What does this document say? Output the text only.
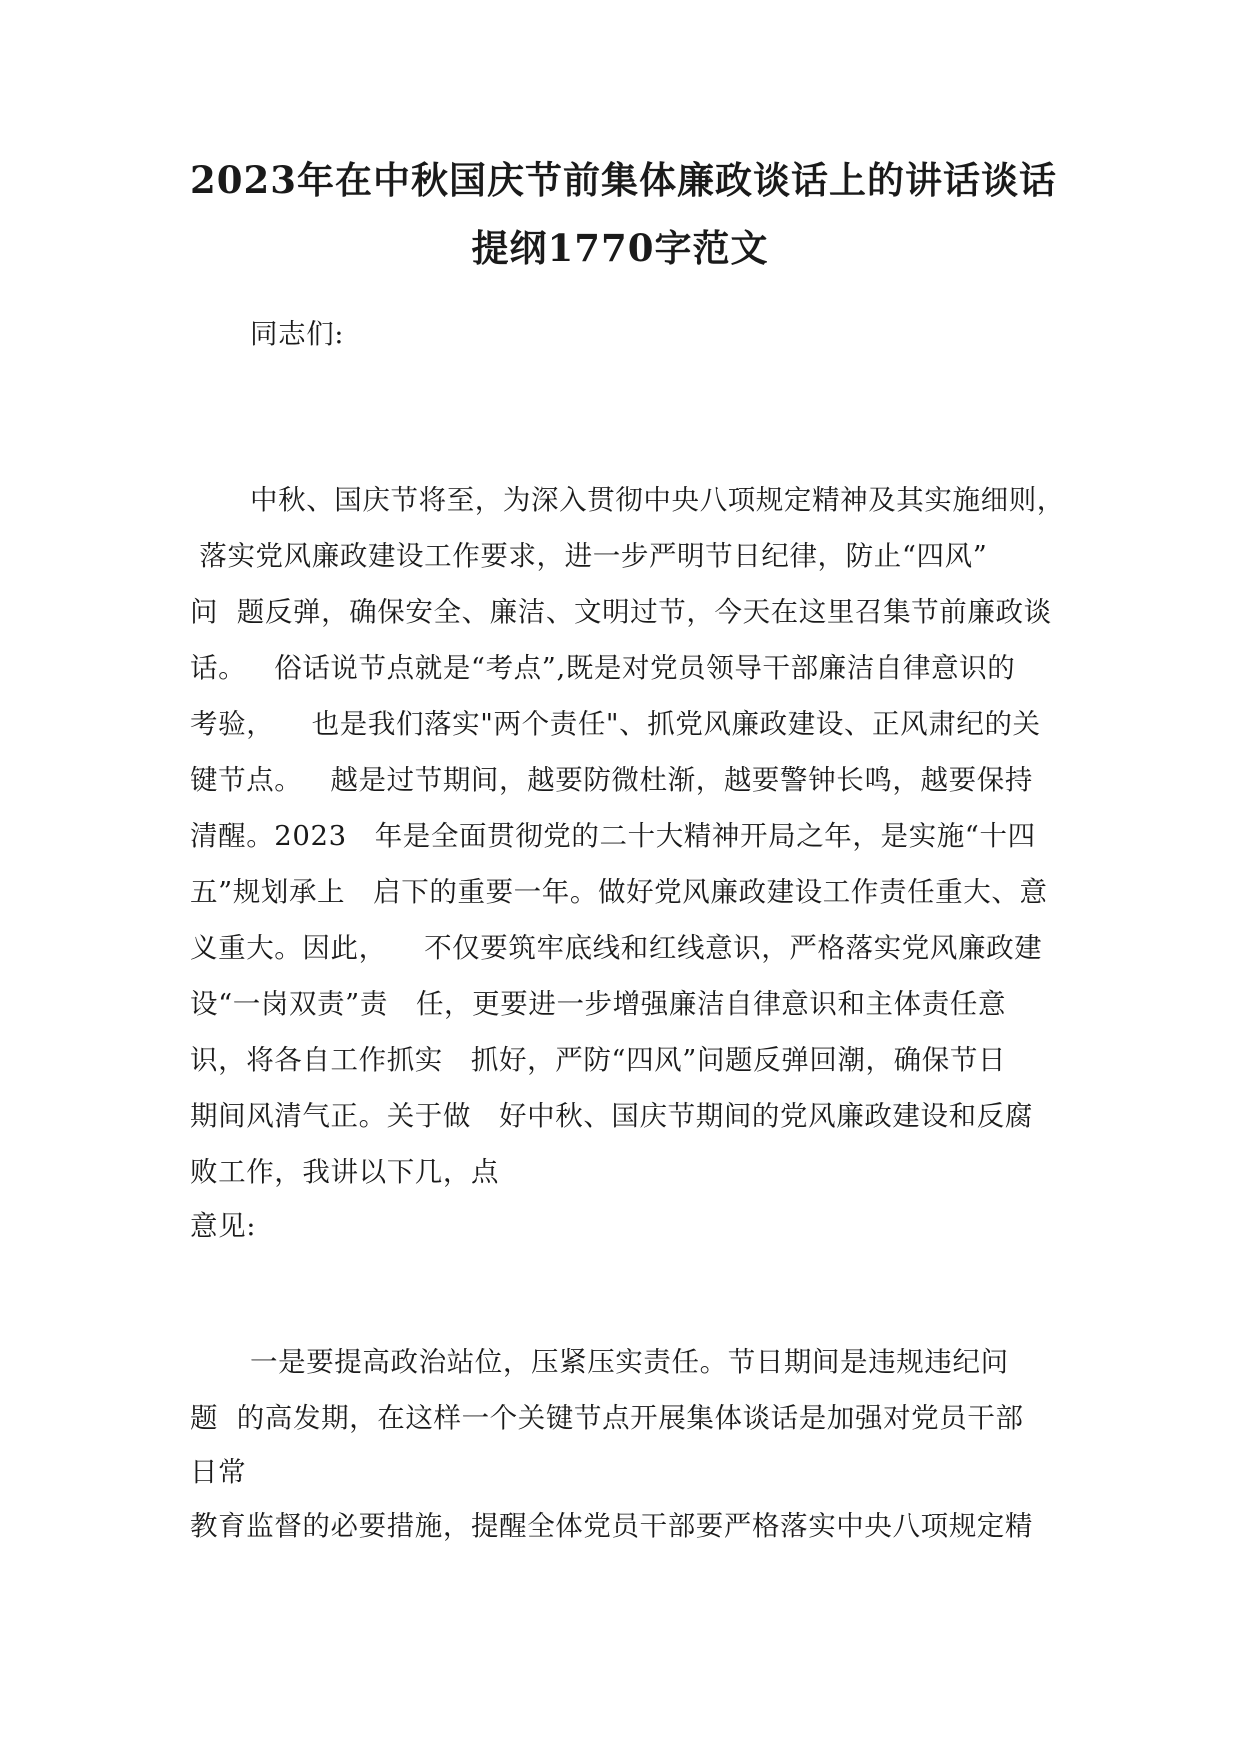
2023年在中秋国庆节前集体廉政谈话上的讲话谈话
提纲1770字范文
同志们:
中秋、国庆节将至，为深入贯彻中央八项规定精神及其实施细则，
落实党风廉政建设工作要求，进一步严明节日纪律，防止“四风”
问  题反弹，确保安全、廉洁、文明过节，今天在这里召集节前廉政谈
话。   俗话说节点就是“考点”,既是对党员领导干部廉洁自律意识的
考验，    也是我们落实"两个责任"、抓党风廉政建设、正风肃纪的关
键节点。   越是过节期间，越要防微杜渐，越要警钟长鸣，越要保持
清醒。2023   年是全面贯彻党的二十大精神开局之年，是实施“十四
五”规划承上   启下的重要一年。做好党风廉政建设工作责任重大、意
义重大。因此，    不仅要筑牢底线和红线意识，严格落实党风廉政建
设“一岗双责”责   任，更要进一步增强廉洁自律意识和主体责任意
识，将各自工作抓实   抓好，严防“四风”问题反弹回潮，确保节日
期间风清气正。关于做   好中秋、国庆节期间的党风廉政建设和反腐
败工作，我讲以下几，点
意见:
一是要提高政治站位，压紧压实责任。节日期间是违规违纪问
题  的高发期，在这样一个关键节点开展集体谈话是加强对党员干部
日常
教育监督的必要措施，提醒全体党员干部要严格落实中央八项规定精
